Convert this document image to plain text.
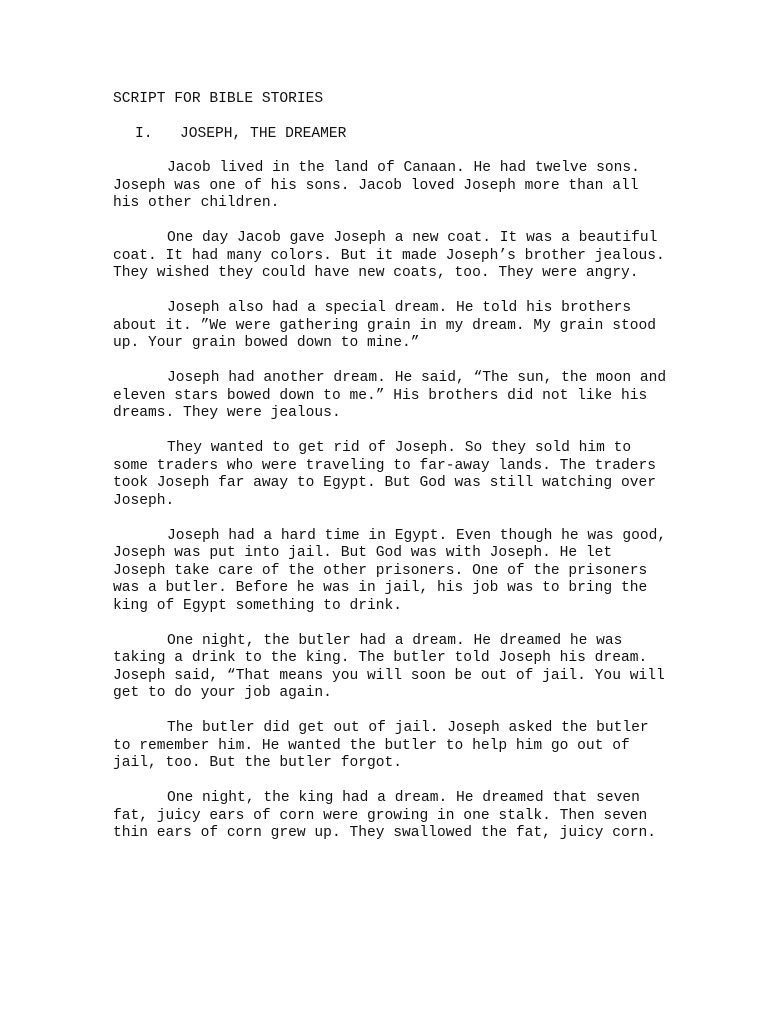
SCRIPT FOR BIBLE STORIES
I. JOSEPH, THE DREAMER

Jacob lived in the land of Canaan. He had twelve sons. Joseph was one of his sons. Jacob loved Joseph more than all his other children.

One day Jacob gave Joseph a new coat. It was a beautiful coat. It had many colors. But it made Joseph’s brother jealous. They wished they could have new coats, too. They were angry.

Joseph also had a special dream. He told his brothers about it. ”We were gathering grain in my dream. My grain stood up. Your grain bowed down to mine.”

Joseph had another dream. He said, “The sun, the moon and eleven stars bowed down to me.” His brothers did not like his dreams. They were jealous.

They wanted to get rid of Joseph. So they sold him to some traders who were traveling to far-away lands. The traders took Joseph far away to Egypt. But God was still watching over Joseph.

Joseph had a hard time in Egypt. Even though he was good, Joseph was put into jail. But God was with Joseph. He let Joseph take care of the other prisoners. One of the prisoners was a butler. Before he was in jail, his job was to bring the king of Egypt something to drink.

One night, the butler had a dream. He dreamed he was taking a drink to the king. The butler told Joseph his dream. Joseph said, “That means you will soon be out of jail. You will get to do your job again.

The butler did get out of jail. Joseph asked the butler to remember him. He wanted the butler to help him go out of jail, too. But the butler forgot.

One night, the king had a dream. He dreamed that seven fat, juicy ears of corn were growing in one stalk. Then seven thin ears of corn grew up. They swallowed the fat, juicy corn.
